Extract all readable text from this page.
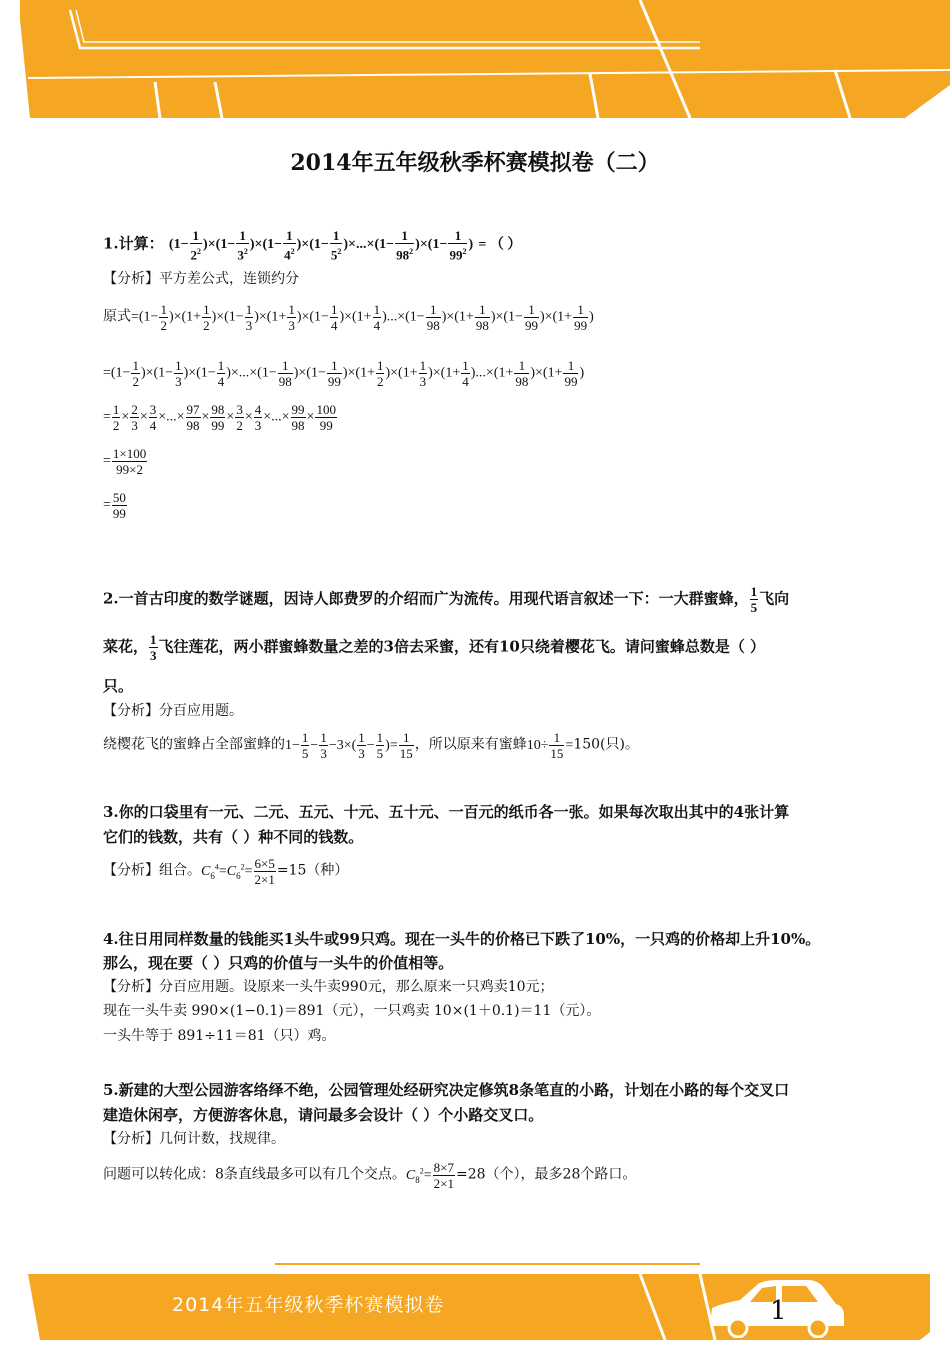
2014年五年级秋季杯赛模拟卷（二）
1.计算： $(1- \frac{1}{2^2} )\times(1- \frac{1}{3^2} )\times(1- \frac{1}{4^2} )\times(1- \frac{1}{5^2} )\times...\times(1- \frac{1}{98^2} )\times(1- \frac{1}{99^2}$ ) = （ ）
【分析】平方差公式，连锁约分
原式$=(1- \frac{1}{2} )\times(1+ \frac{1}{2} )\times(1- \frac{1}{3} )\times(1+ \frac{1}{3} )\times(1- \frac{1}{4} )\times(1+ \frac{1}{4} )...\times(1- \frac{1}{98} )\times(1+ \frac{1}{98} )\times(1- \frac{1}{99} )\times(1+ \frac{1}{99}$ )
$=(1- \frac{1}{2} )\times(1- \frac{1}{3} )\times(1- \frac{1}{4} )\times...\times(1- \frac{1}{98} )\times(1- \frac{1}{99} )\times(1+ \frac{1}{2} )\times(1+ \frac{1}{3} )\times(1+ \frac{1}{4} )...\times(1+ \frac{1}{98} )\times(1+ \frac{1}{99}$ )
= $\frac{1}{2} \times \frac{2}{3} \times \frac{3}{4}$ ×...× $\frac{97}{98} \times \frac{98}{99} \times \frac{3}{2} \times \frac{4}{3}$ ×...× $\frac{99}{98} \times \frac{100}{99}$
= $\frac{1\times 100}{99\times 2}$
= $\frac{50}{99}$
2.一首古印度的数学谜题，因诗人郎费罗的介绍而广为流传。用现代语言叙述一下：一大群蜜蜂， $\frac{1}{5}$ 飞向
菜花， $\frac{1}{3}$ 飞往莲花，两小群蜜蜂数量之差的3倍去采蜜，还有10只绕着樱花飞。请问蜜蜂总数是（ ）
只。
【分析】分百应用题。
绕樱花飞的蜜蜂占全部蜜蜂的$1- \frac{1}{5} - \frac{1}{3} -3\times( \frac{1}{3} - \frac{1}{5}$ )= $\frac{1}{15}$ ，所以原来有蜜蜂$10\div \frac{1}{15} =150$(只)。
3.你的口袋里有一元、二元、五元、十元、五十元、一百元的纸币各一张。如果每次取出其中的4张计算
它们的钱数，共有（ ）种不同的钱数。
【分析】组合。$C_6^4=C_6^2= \frac{6\times 5}{2\times 1} =15$（种）
4.往日用同样数量的钱能买1头牛或99只鸡。现在一头牛的价格已下跌了10%，一只鸡的价格却上升10%。
那么，现在要（ ）只鸡的价值与一头牛的价值相等。
【分析】分百应用题。设原来一头牛卖990元，那么原来一只鸡卖10元；
现在一头牛卖 990×(1−0.1)＝891（元），一只鸡卖 10×(1＋0.1)＝11（元）。
一头牛等于 891÷11＝81（只）鸡。
5.新建的大型公园游客络绎不绝，公园管理处经研究决定修筑8条笔直的小路，计划在小路的每个交叉口
建造休闲亭，方便游客休息，请问最多会设计（ ）个小路交叉口。
【分析】几何计数，找规律。
问题可以转化成：8条直线最多可以有几个交点。$C_8^2= \frac{8\times 7}{2\times 1} =28$（个），最多28个路口。
2014年五年级秋季杯赛模拟卷	1
